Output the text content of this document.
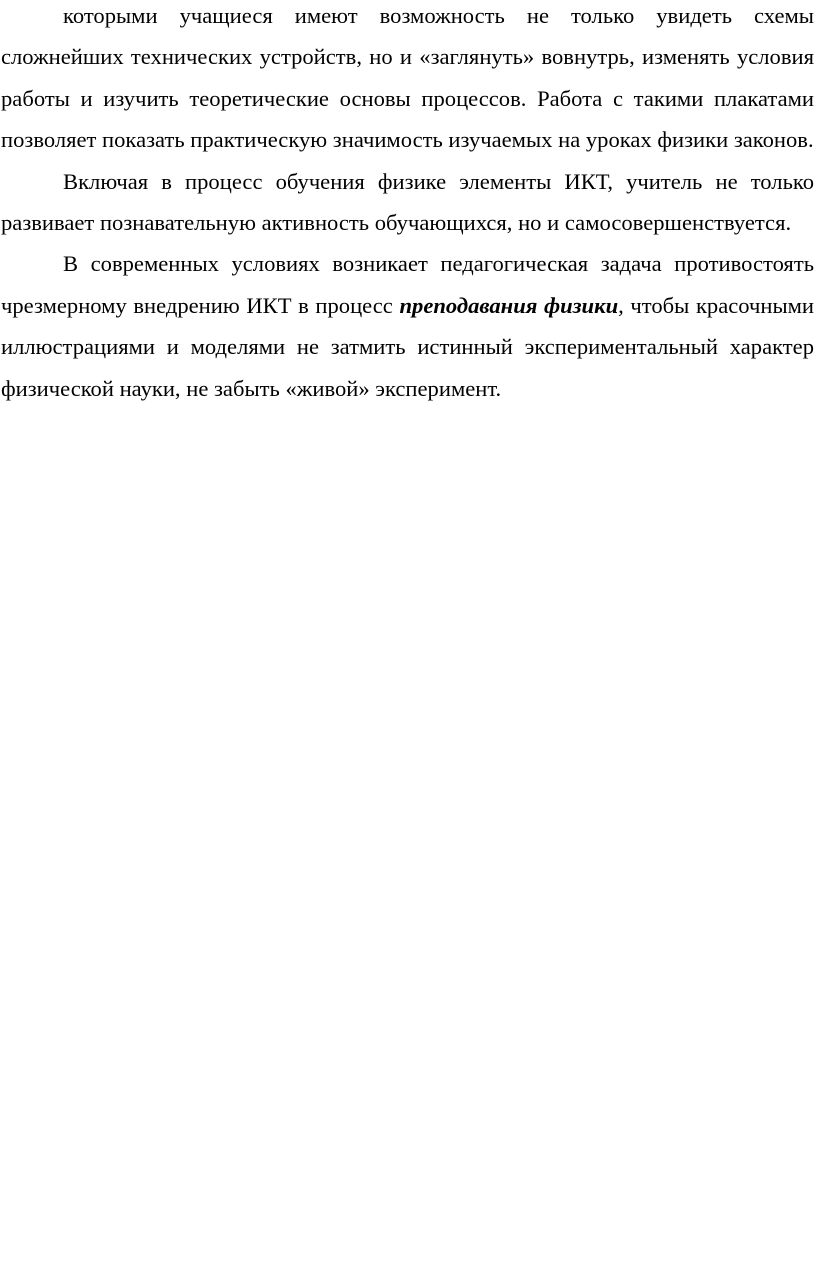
которыми учащиеся имеют возможность не только увидеть схемы сложнейших технических устройств, но и «заглянуть» вовнутрь, изменять условия работы и изучить теоретические основы процессов. Работа с такими плакатами позволяет показать практическую значимость изучаемых на уроках физики законов.

Включая в процесс обучения физике элементы ИКТ, учитель не только развивает познавательную активность обучающихся, но и самосовершенствуется.

В современных условиях возникает педагогическая задача противостоять чрезмерному внедрению ИКТ в процесс преподавания физики, чтобы красочными иллюстрациями и моделями не затмить истинный экспериментальный характер физической науки, не забыть «живой» эксперимент.
